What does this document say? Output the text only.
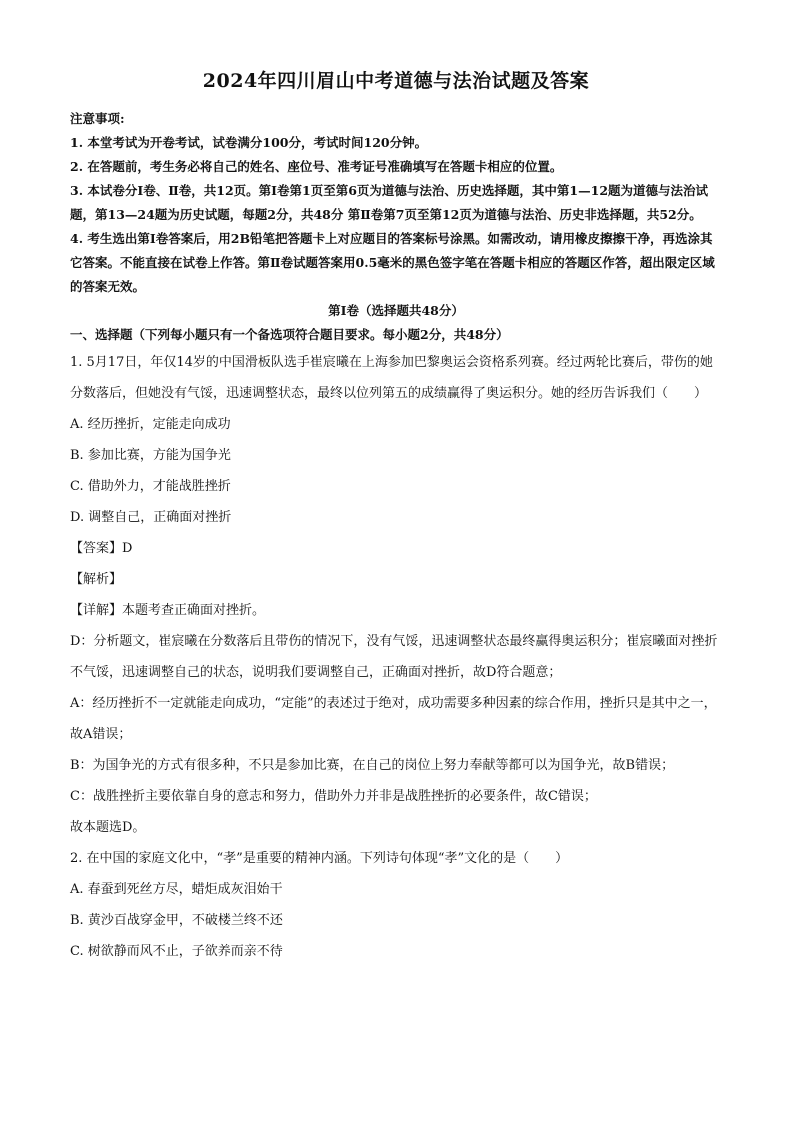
2024年四川眉山中考道德与法治试题及答案

注意事项:

1. 本堂考试为开卷考试，试卷满分100分，考试时间120分钟。

2. 在答题前，考生务必将自己的姓名、座位号、准考证号准确填写在答题卡相应的位置。

3. 本试卷分Ⅰ卷、Ⅱ卷，共12页。第Ⅰ卷第1页至第6页为道德与法治、历史选择题，其中第1—12题为道德与法治试题，第13—24题为历史试题，每题2分，共48分 第Ⅱ卷第7页至第12页为道德与法治、历史非选择题，共52分。

4. 考生选出第Ⅰ卷答案后，用2B铅笔把答题卡上对应题目的答案标号涂黑。如需改动，请用橡皮擦擦干净，再选涂其它答案。不能直接在试卷上作答。第Ⅱ卷试题答案用0.5毫米的黑色签字笔在答题卡相应的答题区作答，超出限定区域的答案无效。

第Ⅰ卷（选择题共48分）

一、选择题（下列每小题只有一个备选项符合题目要求。每小题2分，共48分）

1. 5月17日，年仅14岁的中国滑板队选手崔宸曦在上海参加巴黎奥运会资格系列赛。经过两轮比赛后，带伤的她分数落后，但她没有气馁，迅速调整状态，最终以位列第五的成绩赢得了奥运积分。她的经历告诉我们（　　）

A. 经历挫折，定能走向成功

B. 参加比赛，方能为国争光

C. 借助外力，才能战胜挫折

D. 调整自己，正确面对挫折

【答案】D

【解析】

【详解】本题考查正确面对挫折。

D：分析题文，崔宸曦在分数落后且带伤的情况下，没有气馁，迅速调整状态最终赢得奥运积分；崔宸曦面对挫折不气馁，迅速调整自己的状态，说明我们要调整自己，正确面对挫折，故D符合题意；

A：经历挫折不一定就能走向成功，“定能”的表述过于绝对，成功需要多种因素的综合作用，挫折只是其中之一，故A错误；

B：为国争光的方式有很多种，不只是参加比赛，在自己的岗位上努力奉献等都可以为国争光，故B错误；

C：战胜挫折主要依靠自身的意志和努力，借助外力并非是战胜挫折的必要条件，故C错误；

故本题选D。

2. 在中国的家庭文化中，“孝”是重要的精神内涵。下列诗句体现“孝”文化的是（　　）

A. 春蚕到死丝方尽，蜡炬成灰泪始干

B. 黄沙百战穿金甲，不破楼兰终不还

C. 树欲静而风不止，子欲养而亲不待
